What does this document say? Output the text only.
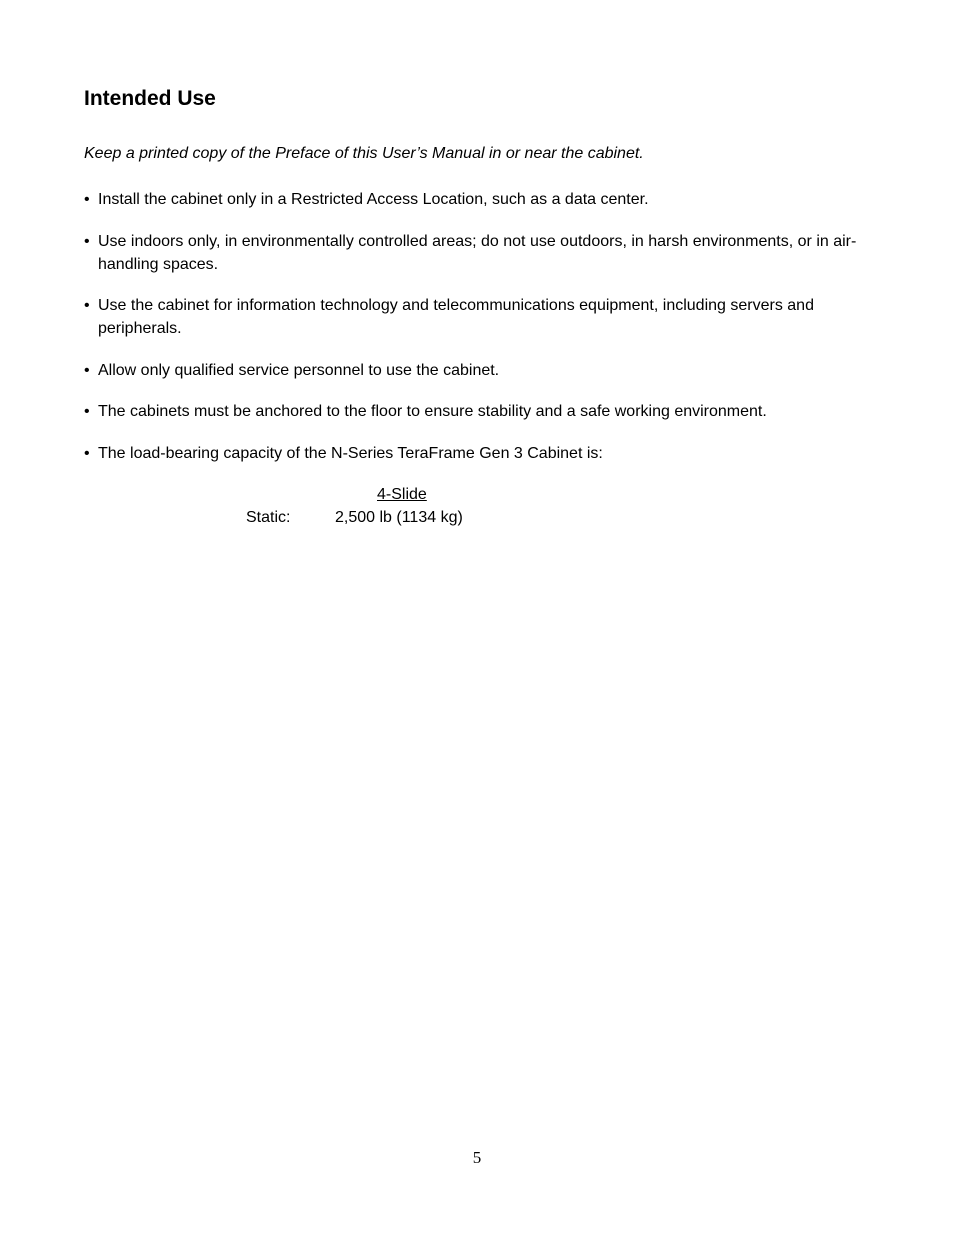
Intended Use

Keep a printed copy of the Preface of this User’s Manual in or near the cabinet.

• Install the cabinet only in a Restricted Access Location, such as a data center.
• Use indoors only, in environmentally controlled areas; do not use outdoors, in harsh environments, or in air-handling spaces.
• Use the cabinet for information technology and telecommunications equipment, including servers and peripherals.
• Allow only qualified service personnel to use the cabinet.
• The cabinets must be anchored to the floor to ensure stability and a safe working environment.
• The load-bearing capacity of the N-Series TeraFrame Gen 3 Cabinet is:
4-Slide
Static:	2,500 lb (1134 kg)
5
